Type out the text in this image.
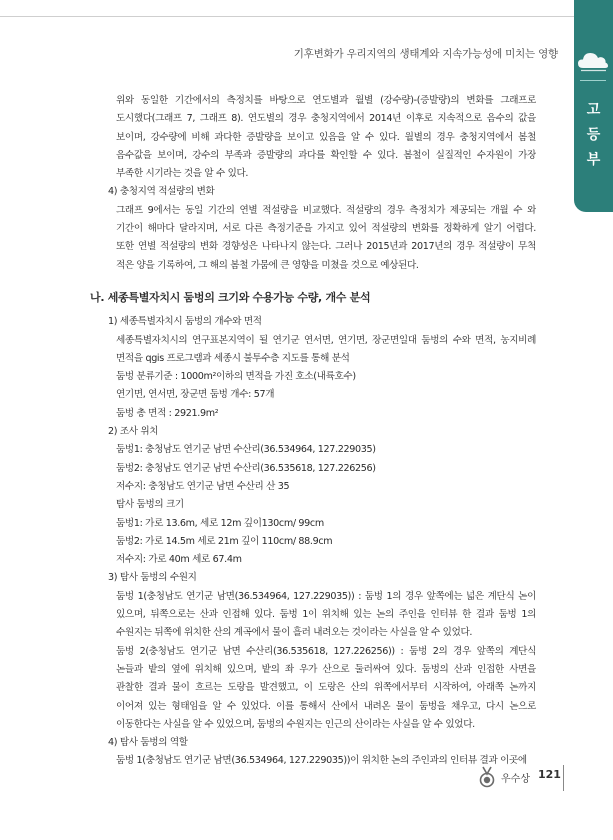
기후변화가 우리지역의 생태계와 지속가능성에 미치는 영향
고
등
부
위와 동일한 기간에서의 측정치를 바탕으로 연도별과 월별 (강수량)-(증발량)의 변화를 그래프로
도시했다(그래프 7, 그래프 8). 연도별의 경우 충청지역에서 2014년 이후로 지속적으로 음수의 값을
보이며, 강수량에 비해 과다한 증발량을 보이고 있음을 알 수 있다. 월별의 경우 충청지역에서 봄철
음수값을 보이며, 강수의 부족과 증발량의 과다를 확인할 수 있다. 봄철이 실질적인 수자원이 가장
부족한 시기라는 것을 알 수 있다.
4) 충청지역 적설량의 변화
그래프 9에서는 동일 기간의 연별 적설량을 비교했다. 적설량의 경우 측정치가 제공되는 개월 수 와
기간이 해마다 달라지며, 서로 다른 측정기준을 가지고 있어 적설량의 변화를 정확하게 알기 어렵다.
또한 연별 적설량의 변화 경향성은 나타나지 않는다. 그러나 2015년과 2017년의 경우 적설량이 무척
적은 양을 기록하여, 그 해의 봄철 가뭄에 큰 영향을 미쳤을 것으로 예상된다.
나. 세종특별자치시 둠벙의 크기와 수용가능 수량, 개수 분석
1) 세종특별자치시 둠벙의 개수와 면적
세종특별자치시의 연구표본지역이 될 연기군 연서면, 연기면, 장군면일대 둠벙의 수와 면적, 농지비례
면적을 qgis 프로그램과 세종시 불투수층 지도를 통해 분석
둠벙 분류기준 : 1000m²이하의 면적을 가진 호소(내륙호수)
연기면, 연서면, 장군면 둠벙 개수: 57개
둠벙 총 면적 : 2921.9m²
2) 조사 위치
둠벙1: 충청남도 연기군 남면 수산리(36.534964, 127.229035)
둠벙2: 충청남도 연기군 남면 수산리(36.535618, 127.226256)
저수지: 충청남도 연기군 남면 수산리 산 35
탐사 둠벙의 크기
둠벙1: 가로 13.6m, 세로 12m 깊이130cm/ 99cm
둠벙2: 가로 14.5m 세로 21m 깊이 110cm/ 88.9cm
저수지: 가로 40m 세로 67.4m
3) 탐사 둠벙의 수원지
둠벙 1(충청남도 연기군 남면(36.534964, 127.229035)) : 둠벙 1의 경우 앞쪽에는 넓은 계단식 논이
있으며, 뒤쪽으로는 산과 인접해 있다. 둠벙 1이 위치해 있는 논의 주인을 인터뷰 한 결과 둠벙 1의
수원지는 뒤쪽에 위치한 산의 계곡에서 물이 흘러 내려오는 것이라는 사실을 알 수 있었다.
둠벙 2(충청남도 연기군 남면 수산리(36.535618, 127.226256)) : 둠벙 2의 경우 앞쪽의 계단식
논들과 밭의 옆에 위치해 있으며, 밭의 좌 우가 산으로 둘러싸여 있다. 둠벙의 산과 인접한 사면을
관찰한 결과 물이 흐르는 도랑을 발견했고, 이 도랑은 산의 위쪽에서부터 시작하여, 아래쪽 논까지
이어져 있는 형태임을 알 수 있었다. 이를 통해서 산에서 내려온 물이 둠벙을 채우고, 다시 논으로
이동한다는 사실을 알 수 있었으며, 둠벙의 수원지는 인근의 산이라는 사실을 알 수 있었다.
4) 탐사 둠벙의 역할
둠벙 1(충청남도 연기군 남면(36.534964, 127.229035))이 위치한 논의 주인과의 인터뷰 결과 이곳에
우수상 121
